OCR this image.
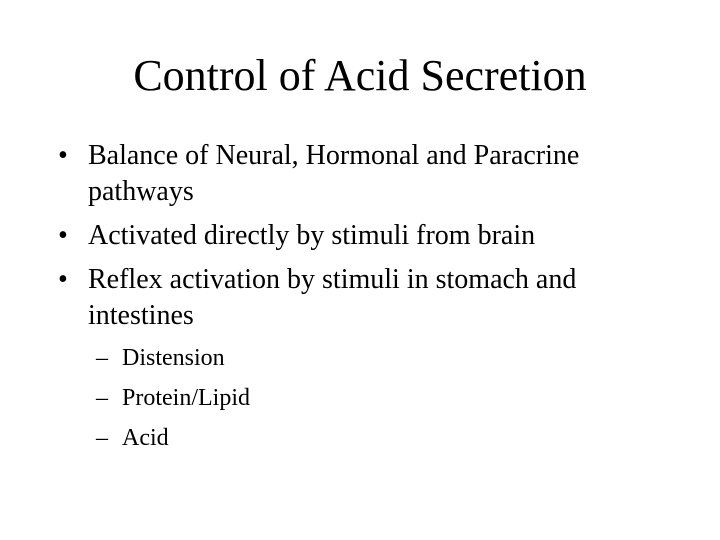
Control of Acid Secretion
• Balance of Neural, Hormonal and Paracrine pathways
• Activated directly by stimuli from brain
• Reflex activation by stimuli in stomach and intestines
– Distension
– Protein/Lipid
– Acid
